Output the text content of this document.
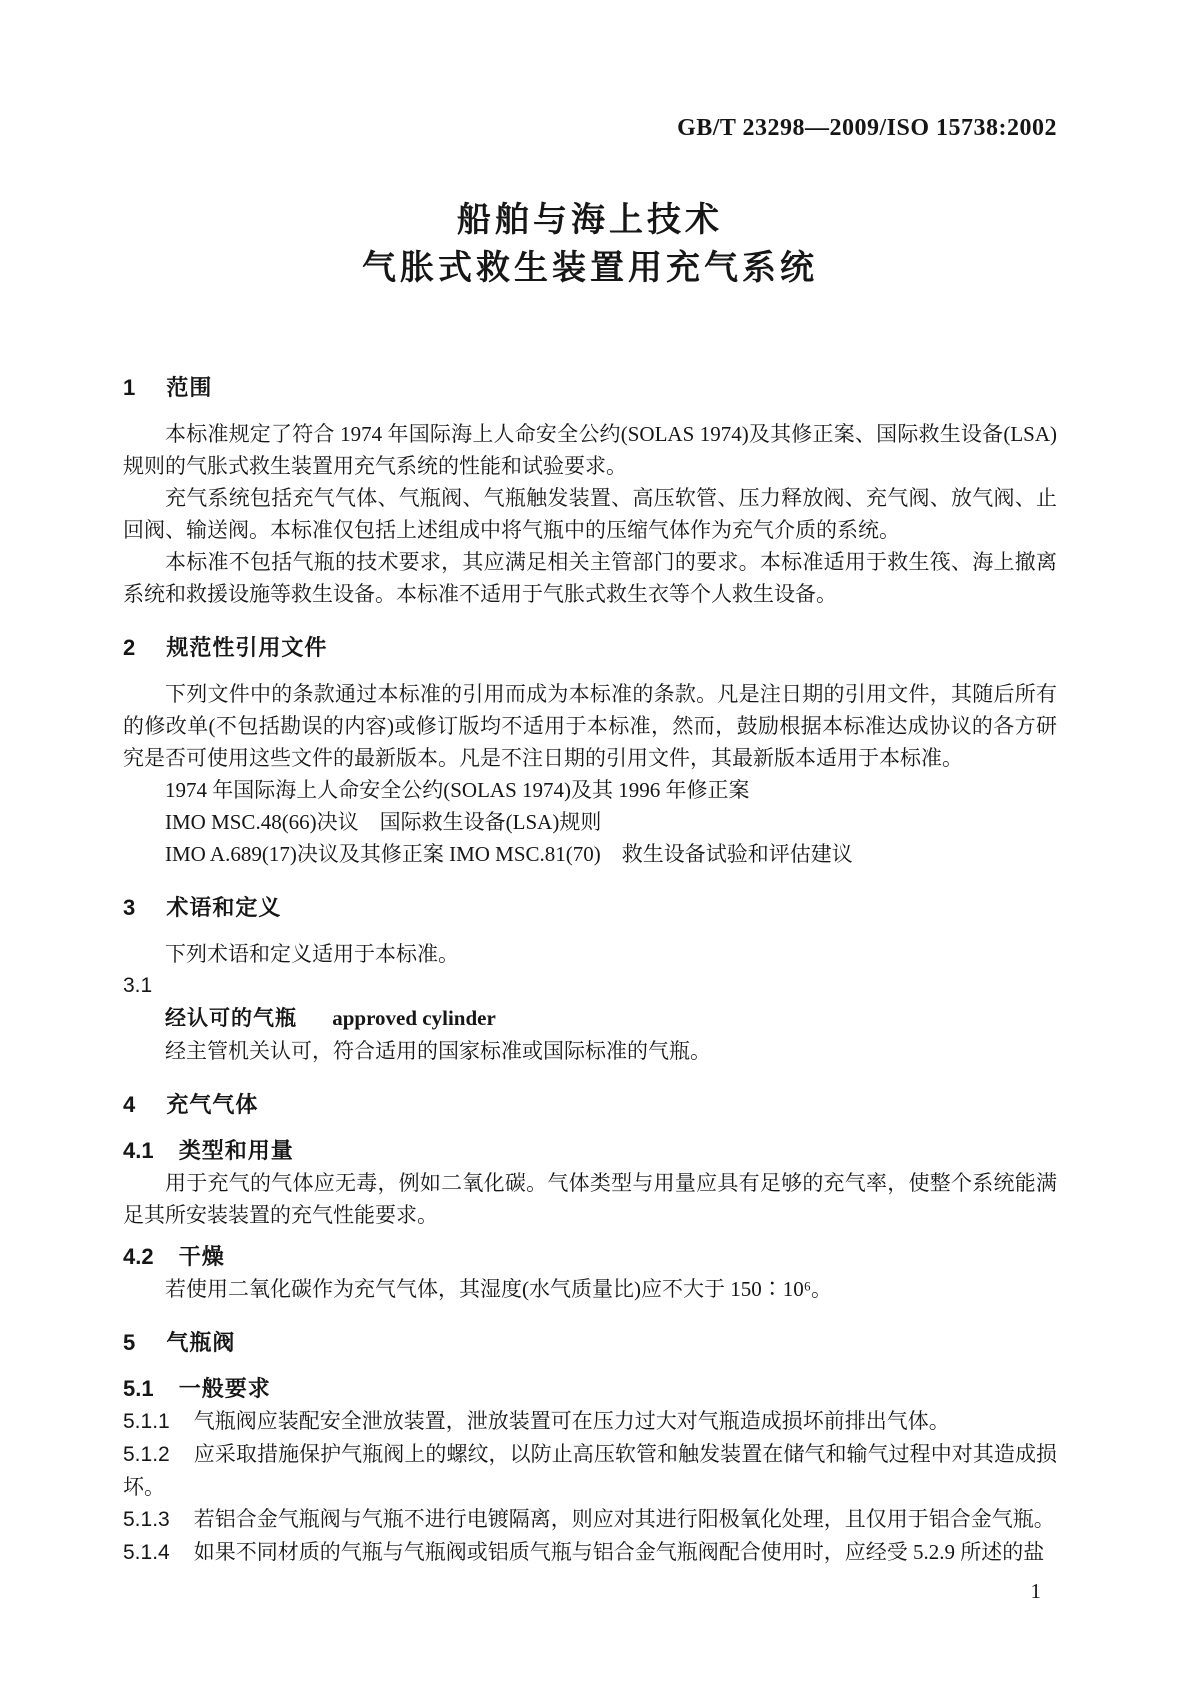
GB/T 23298—2009/ISO 15738:2002
船舶与海上技术
气胀式救生装置用充气系统
1 范围

本标准规定了符合 1974 年国际海上人命安全公约(SOLAS 1974)及其修正案、国际救生设备(LSA)规则的气胀式救生装置用充气系统的性能和试验要求。

充气系统包括充气气体、气瓶阀、气瓶触发装置、高压软管、压力释放阀、充气阀、放气阀、止回阀、输送阀。本标准仅包括上述组成中将气瓶中的压缩气体作为充气介质的系统。

本标准不包括气瓶的技术要求，其应满足相关主管部门的要求。本标准适用于救生筏、海上撤离系统和救援设施等救生设备。本标准不适用于气胀式救生衣等个人救生设备。

2 规范性引用文件

下列文件中的条款通过本标准的引用而成为本标准的条款。凡是注日期的引用文件，其随后所有的修改单(不包括勘误的内容)或修订版均不适用于本标准，然而，鼓励根据本标准达成协议的各方研究是否可使用这些文件的最新版本。凡是不注日期的引用文件，其最新版本适用于本标准。

1974 年国际海上人命安全公约(SOLAS 1974)及其 1996 年修正案

IMO MSC.48(66)决议　国际救生设备(LSA)规则

IMO A.689(17)决议及其修正案 IMO MSC.81(70)　救生设备试验和评估建议

3 术语和定义

下列术语和定义适用于本标准。

3.1

经认可的气瓶 approved cylinder

经主管机关认可，符合适用的国家标准或国际标准的气瓶。

4 充气气体
4.1 类型和用量

用于充气的气体应无毒，例如二氧化碳。气体类型与用量应具有足够的充气率，使整个系统能满足其所安装装置的充气性能要求。

4.2 干燥

若使用二氧化碳作为充气气体，其湿度(水气质量比)应不大于 150∶10⁶。

5 气瓶阀
5.1 一般要求

5.1.1 气瓶阀应装配安全泄放装置，泄放装置可在压力过大对气瓶造成损坏前排出气体。

5.1.2 应采取措施保护气瓶阀上的螺纹，以防止高压软管和触发装置在储气和输气过程中对其造成损坏。

5.1.3 若铝合金气瓶阀与气瓶不进行电镀隔离，则应对其进行阳极氧化处理，且仅用于铝合金气瓶。

5.1.4 如果不同材质的气瓶与气瓶阀或铝质气瓶与铝合金气瓶阀配合使用时，应经受 5.2.9 所述的盐

1
